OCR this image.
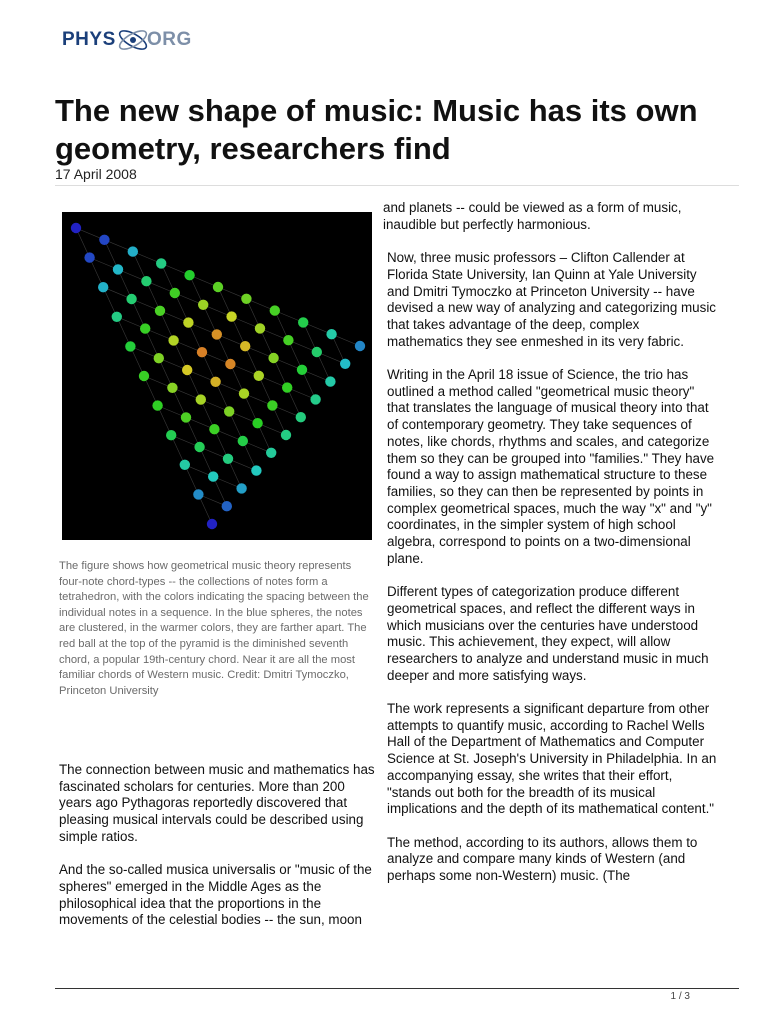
PHYS ORG
The new shape of music: Music has its own geometry, researchers find
17 April 2008

The figure shows how geometrical music theory represents four-note chord-types -- the collections of notes form a tetrahedron, with the colors indicating the spacing between the individual notes in a sequence. In the blue spheres, the notes are clustered, in the warmer colors, they are farther apart. The red ball at the top of the pyramid is the diminished seventh chord, a popular 19th-century chord. Near it are all the most familiar chords of Western music. Credit: Dmitri Tymoczko, Princeton University

The connection between music and mathematics has fascinated scholars for centuries. More than 200 years ago Pythagoras reportedly discovered that pleasing musical intervals could be described using simple ratios.

And the so-called musica universalis or "music of the spheres" emerged in the Middle Ages as the philosophical idea that the proportions in the movements of the celestial bodies -- the sun, moon

and planets -- could be viewed as a form of music, inaudible but perfectly harmonious.

Now, three music professors – Clifton Callender at Florida State University, Ian Quinn at Yale University and Dmitri Tymoczko at Princeton University -- have devised a new way of analyzing and categorizing music that takes advantage of the deep, complex mathematics they see enmeshed in its very fabric.

Writing in the April 18 issue of Science, the trio has outlined a method called "geometrical music theory" that translates the language of musical theory into that of contemporary geometry. They take sequences of notes, like chords, rhythms and scales, and categorize them so they can be grouped into "families." They have found a way to assign mathematical structure to these families, so they can then be represented by points in complex geometrical spaces, much the way "x" and "y" coordinates, in the simpler system of high school algebra, correspond to points on a two-dimensional plane.

Different types of categorization produce different geometrical spaces, and reflect the different ways in which musicians over the centuries have understood music. This achievement, they expect, will allow researchers to analyze and understand music in much deeper and more satisfying ways.

The work represents a significant departure from other attempts to quantify music, according to Rachel Wells Hall of the Department of Mathematics and Computer Science at St. Joseph's University in Philadelphia. In an accompanying essay, she writes that their effort, "stands out both for the breadth of its musical implications and the depth of its mathematical content."

The method, according to its authors, allows them to analyze and compare many kinds of Western (and perhaps some non-Western) music. (The

1 / 3
